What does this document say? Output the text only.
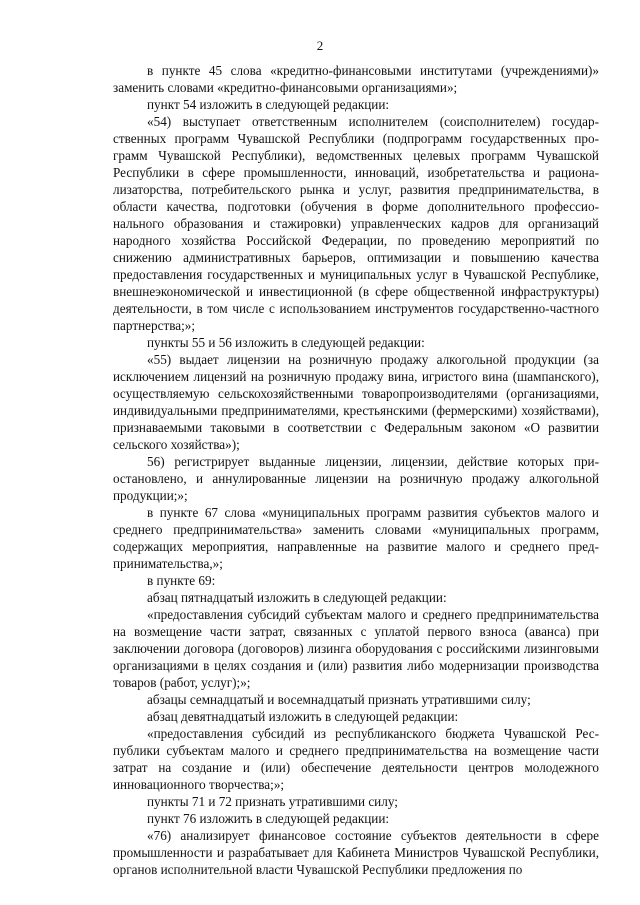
2

в пункте 45 слова «кредитно-финансовыми институтами (учреждениями)» заменить словами «кредитно-финансовыми организациями»;

пункт 54 изложить в следующей редакции:

«54) выступает ответственным исполнителем (соисполнителем) государственных программ Чувашской Республики (подпрограмм государственных программ Чувашской Республики), ведомственных целевых программ Чувашской Республики в сфере промышленности, инноваций, изобретательства и рационализаторства, потребительского рынка и услуг, развития предпринимательства, в области качества, подготовки (обучения в форме дополнительного профессионального образования и стажировки) управленческих кадров для организаций народного хозяйства Российской Федерации, по проведению мероприятий по снижению административных барьеров, оптимизации и повышению качества предоставления государственных и муниципальных услуг в Чувашской Республике, внешнеэкономической и инвестиционной (в сфере общественной инфраструктуры) деятельности, в том числе с использованием инструментов государственно-частного партнерства;»;

пункты 55 и 56 изложить в следующей редакции:

«55) выдает лицензии на розничную продажу алкогольной продукции (за исключением лицензий на розничную продажу вина, игристого вина (шампанского), осуществляемую сельскохозяйственными товаропроизводителями (организациями, индивидуальными предпринимателями, крестьянскими (фермерскими) хозяйствами), признаваемыми таковыми в соответствии с Федеральным законом «О развитии сельского хозяйства»);

56) регистрирует выданные лицензии, лицензии, действие которых приостановлено, и аннулированные лицензии на розничную продажу алкогольной продукции;»;

в пункте 67 слова «муниципальных программ развития субъектов малого и среднего предпринимательства» заменить словами «муниципальных программ, содержащих мероприятия, направленные на развитие малого и среднего предпринимательства,»;

в пункте 69:

абзац пятнадцатый изложить в следующей редакции:

«предоставления субсидий субъектам малого и среднего предпринимательства на возмещение части затрат, связанных с уплатой первого взноса (аванса) при заключении договора (договоров) лизинга оборудования с российскими лизинговыми организациями в целях создания и (или) развития либо модернизации производства товаров (работ, услуг);»;

абзацы семнадцатый и восемнадцатый признать утратившими силу;

абзац девятнадцатый изложить в следующей редакции:

«предоставления субсидий из республиканского бюджета Чувашской Республики субъектам малого и среднего предпринимательства на возмещение части затрат на создание и (или) обеспечение деятельности центров молодежного инновационного творчества;»;

пункты 71 и 72 признать утратившими силу;

пункт 76 изложить в следующей редакции:

«76) анализирует финансовое состояние субъектов деятельности в сфере промышленности и разрабатывает для Кабинета Министров Чувашской Республики, органов исполнительной власти Чувашской Республики предложения по
